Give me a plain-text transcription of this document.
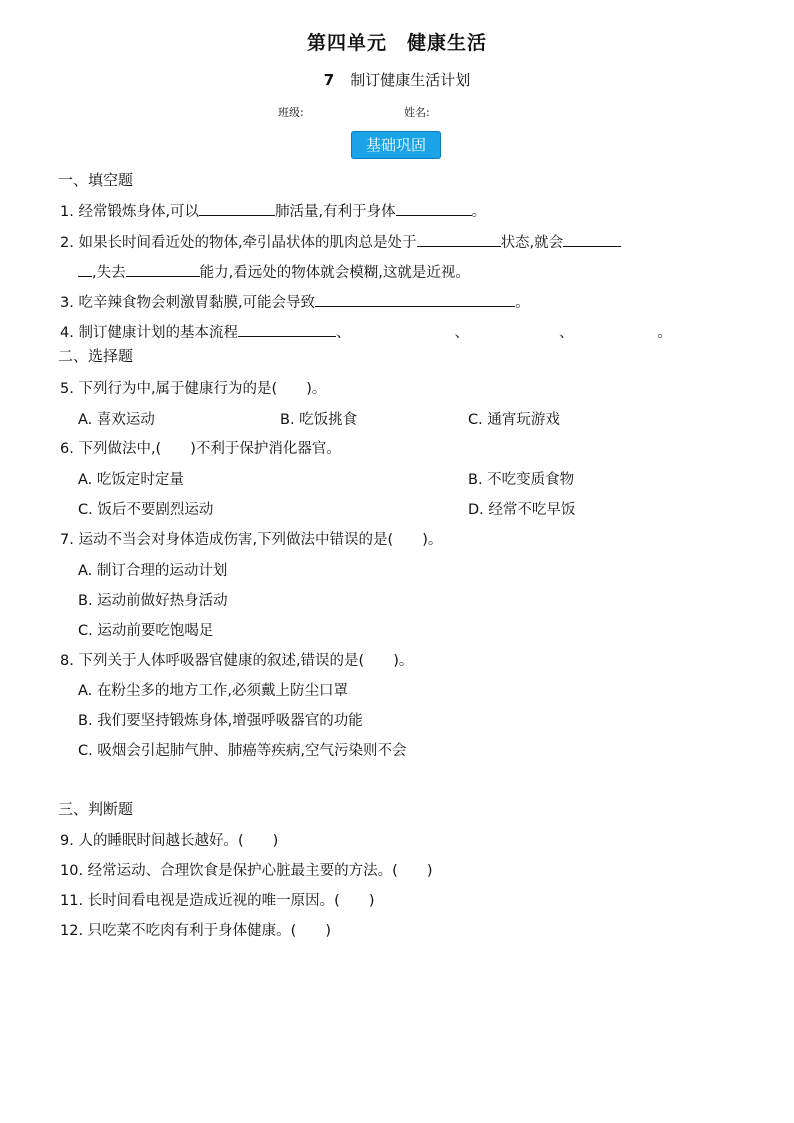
第四单元　健康生活
7 制订健康生活计划
班级:	姓名:
基础巩固
一、填空题
1. 经常锻炼身体,可以	肺活量,有利于身体	。
2. 如果长时间看近处的物体,牵引晶状体的肌肉总是处于	状态,就会
,失去	能力,看远处的物体就会模糊,这就是近视。
3. 吃辛辣食物会刺激胃黏膜,可能会导致	。
4. 制订健康计划的基本流程	、	、	、	。
二、选择题
5. 下列行为中,属于健康行为的是(　　)。
A. 喜欢运动	B. 吃饭挑食	C. 通宵玩游戏
6. 下列做法中,(　　)不利于保护消化器官。
A. 吃饭定时定量	B. 不吃变质食物
C. 饭后不要剧烈运动	D. 经常不吃早饭
7. 运动不当会对身体造成伤害,下列做法中错误的是(　　)。
A. 制订合理的运动计划
B. 运动前做好热身活动
C. 运动前要吃饱喝足
8. 下列关于人体呼吸器官健康的叙述,错误的是(　　)。
A. 在粉尘多的地方工作,必须戴上防尘口罩
B. 我们要坚持锻炼身体,增强呼吸器官的功能
C. 吸烟会引起肺气肿、肺癌等疾病,空气污染则不会
三、判断题
9. 人的睡眠时间越长越好。(　　)
10. 经常运动、合理饮食是保护心脏最主要的方法。(　　)
11. 长时间看电视是造成近视的唯一原因。(　　)
12. 只吃菜不吃肉有利于身体健康。(　　)
